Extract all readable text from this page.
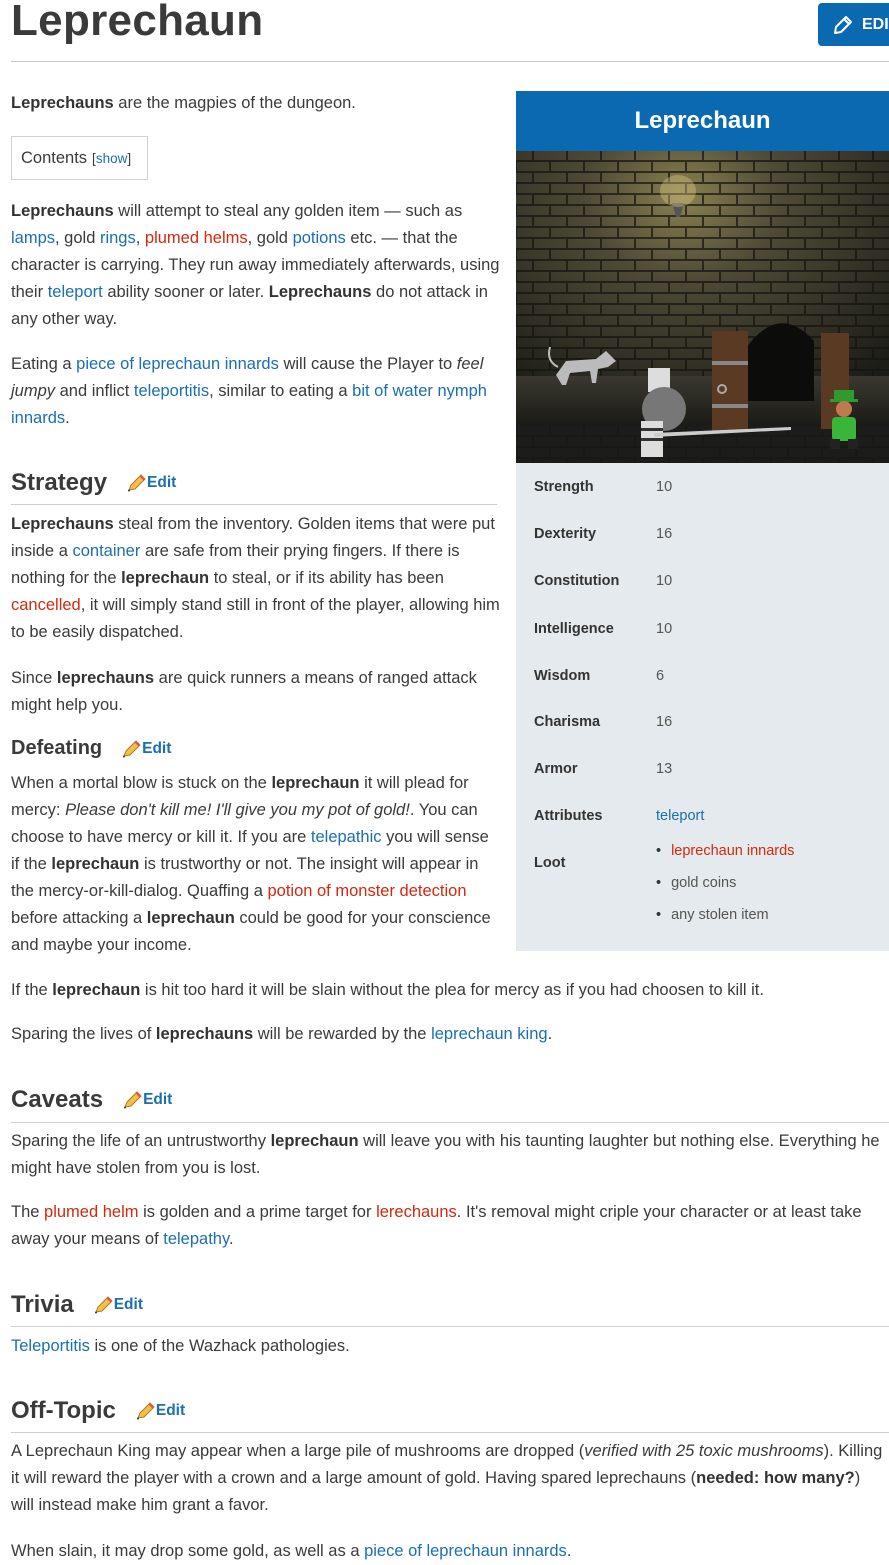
Leprechaun	EDI

Leprechauns are the magpies of the dungeon.

Contents [show]

Leprechauns will attempt to steal any golden item — such as lamps, gold rings, plumed helms, gold potions etc. — that the character is carrying. They run away immediately afterwards, using their teleport ability sooner or later. Leprechauns do not attack in any other way.

Eating a piece of leprechaun innards will cause the Player to feel jumpy and inflict teleportitis, similar to eating a bit of water nymph innards.

Strategy	Edit

Leprechauns steal from the inventory. Golden items that were put inside a container are safe from their prying fingers. If there is nothing for the leprechaun to steal, or if its ability has been cancelled, it will simply stand still in front of the player, allowing him to be easily dispatched.

Since leprechauns are quick runners a means of ranged attack might help you.

Defeating	Edit

When a mortal blow is stuck on the leprechaun it will plead for mercy: Please don't kill me! I'll give you my pot of gold!. You can choose to have mercy or kill it. If you are telepathic you will sense if the leprechaun is trustworthy or not. The insight will appear in the mercy-or-kill-dialog. Quaffing a potion of monster detection before attacking a leprechaun could be good for your conscience and maybe your income.

If the leprechaun is hit too hard it will be slain without the plea for mercy as if you had choosen to kill it.

Sparing the lives of leprechauns will be rewarded by the leprechaun king.

Caveats	Edit

Sparing the life of an untrustworthy leprechaun will leave you with his taunting laughter but nothing else. Everything he might have stolen from you is lost.

The plumed helm is golden and a prime target for lerechauns. It's removal might criple your character or at least take away your means of telepathy.

Trivia	Edit

Teleportitis is one of the Wazhack pathologies.

Off-Topic	Edit

A Leprechaun King may appear when a large pile of mushrooms are dropped (verified with 25 toxic mushrooms). Killing it will reward the player with a crown and a large amount of gold. Having spared leprechauns (needed: how many?) will instead make him grant a favor.

When slain, it may drop some gold, as well as a piece of leprechaun innards.

Leprechaun
Strength	10
Dexterity	16
Constitution	10
Intelligence	10
Wisdom	6
Charisma	16
Armor	13
Attributes	teleport
Loot
• leprechaun innards
• gold coins
• any stolen item
